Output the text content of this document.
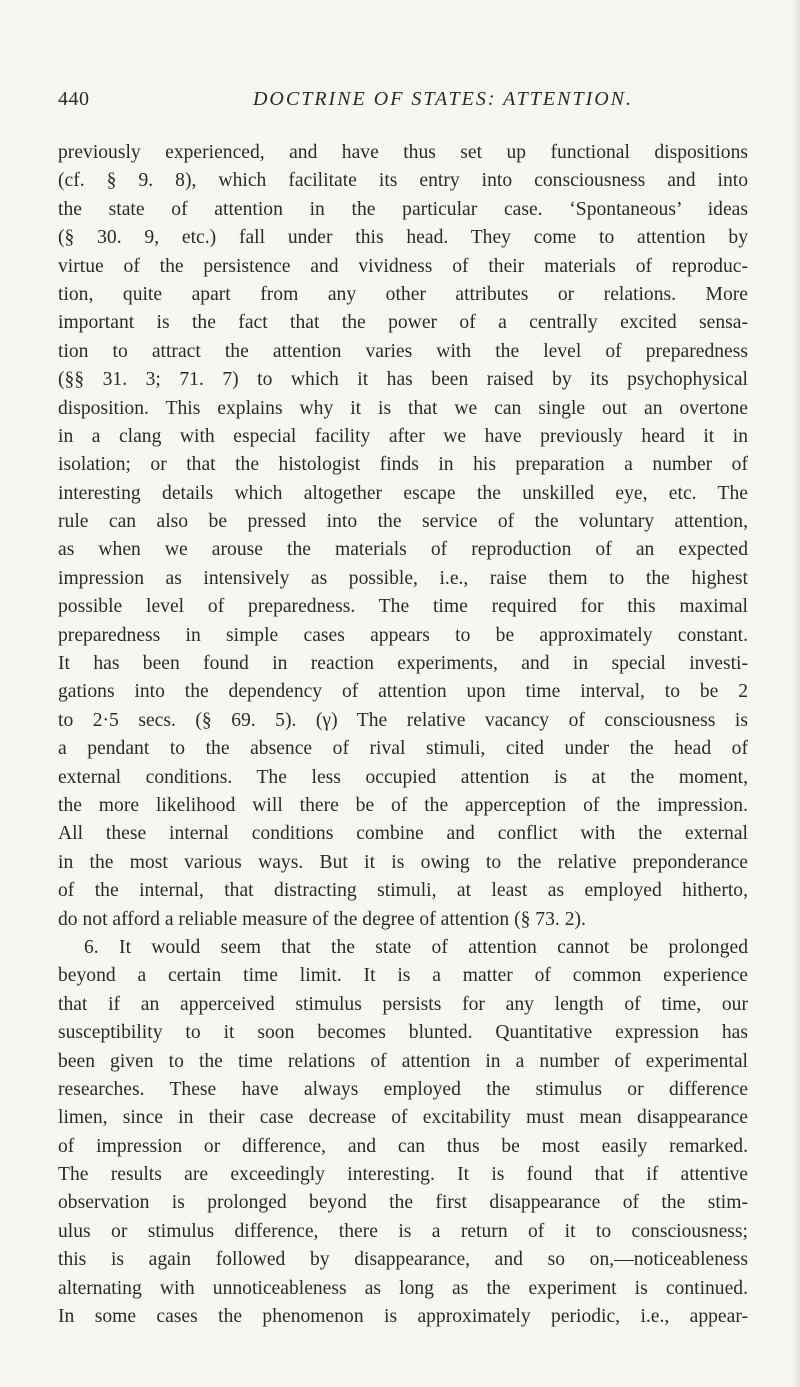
440	DOCTRINE OF STATES: ATTENTION.
previously experienced, and have thus set up functional dispositions
(cf. § 9. 8), which facilitate its entry into consciousness and into
the state of attention in the particular case. ‘Spontaneous’ ideas
(§ 30. 9, etc.) fall under this head. They come to attention by
virtue of the persistence and vividness of their materials of reproduc-
tion, quite apart from any other attributes or relations. More
important is the fact that the power of a centrally excited sensa-
tion to attract the attention varies with the level of preparedness
(§§ 31. 3; 71. 7) to which it has been raised by its psychophysical
disposition. This explains why it is that we can single out an overtone
in a clang with especial facility after we have previously heard it in
isolation; or that the histologist finds in his preparation a number of
interesting details which altogether escape the unskilled eye, etc. The
rule can also be pressed into the service of the voluntary attention,
as when we arouse the materials of reproduction of an expected
impression as intensively as possible, i.e., raise them to the highest
possible level of preparedness. The time required for this maximal
preparedness in simple cases appears to be approximately constant.
It has been found in reaction experiments, and in special investi-
gations into the dependency of attention upon time interval, to be 2
to 2·5 secs. (§ 69. 5). (γ) The relative vacancy of consciousness is
a pendant to the absence of rival stimuli, cited under the head of
external conditions. The less occupied attention is at the moment,
the more likelihood will there be of the apperception of the impression.
All these internal conditions combine and conflict with the external
in the most various ways. But it is owing to the relative preponderance
of the internal, that distracting stimuli, at least as employed hitherto,
do not afford a reliable measure of the degree of attention (§ 73. 2).
6. It would seem that the state of attention cannot be prolonged
beyond a certain time limit. It is a matter of common experience
that if an apperceived stimulus persists for any length of time, our
susceptibility to it soon becomes blunted. Quantitative expression has
been given to the time relations of attention in a number of experimental
researches. These have always employed the stimulus or difference
limen, since in their case decrease of excitability must mean disappearance
of impression or difference, and can thus be most easily remarked.
The results are exceedingly interesting. It is found that if attentive
observation is prolonged beyond the first disappearance of the stim-
ulus or stimulus difference, there is a return of it to consciousness;
this is again followed by disappearance, and so on,—noticeableness
alternating with unnoticeableness as long as the experiment is continued.
In some cases the phenomenon is approximately periodic, i.e., appear-
